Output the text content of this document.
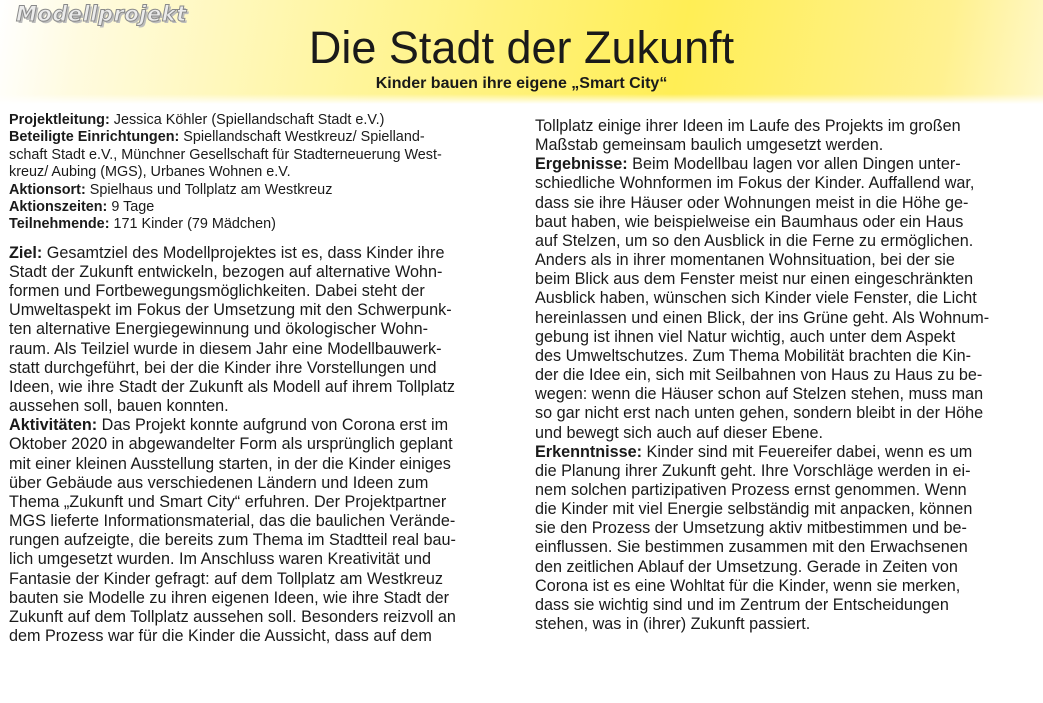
Modellprojekt
Die Stadt der Zukunft
Kinder bauen ihre eigene „Smart City“
Projektleitung: Jessica Köhler (Spiellandschaft Stadt e.V.)
Beteiligte Einrichtungen: Spiellandschaft Westkreuz/ Spielland-
schaft Stadt e.V., Münchner Gesellschaft für Stadterneuerung West-
kreuz/ Aubing (MGS), Urbanes Wohnen e.V.
Aktionsort: Spielhaus und Tollplatz am Westkreuz
Aktionszeiten: 9 Tage
Teilnehmende: 171 Kinder (79 Mädchen)
Ziel: Gesamtziel des Modellprojektes ist es, dass Kinder ihre
Stadt der Zukunft entwickeln, bezogen auf alternative Wohn-
formen und Fortbewegungsmöglichkeiten. Dabei steht der
Umweltaspekt im Fokus der Umsetzung mit den Schwerpunk-
ten alternative Energiegewinnung und ökologischer Wohn-
raum. Als Teilziel wurde in diesem Jahr eine Modellbauwerk-
statt durchgeführt, bei der die Kinder ihre Vorstellungen und
Ideen, wie ihre Stadt der Zukunft als Modell auf ihrem Tollplatz
aussehen soll, bauen konnten.
Aktivitäten: Das Projekt konnte aufgrund von Corona erst im
Oktober 2020 in abgewandelter Form als ursprünglich geplant
mit einer kleinen Ausstellung starten, in der die Kinder einiges
über Gebäude aus verschiedenen Ländern und Ideen zum
Thema „Zukunft und Smart City“ erfuhren. Der Projektpartner
MGS lieferte Informationsmaterial, das die baulichen Verände-
rungen aufzeigte, die bereits zum Thema im Stadtteil real bau-
lich umgesetzt wurden. Im Anschluss waren Kreativität und
Fantasie der Kinder gefragt: auf dem Tollplatz am Westkreuz
bauten sie Modelle zu ihren eigenen Ideen, wie ihre Stadt der
Zukunft auf dem Tollplatz aussehen soll. Besonders reizvoll an
dem Prozess war für die Kinder die Aussicht, dass auf dem
Tollplatz einige ihrer Ideen im Laufe des Projekts im großen
Maßstab gemeinsam baulich umgesetzt werden.
Ergebnisse: Beim Modellbau lagen vor allen Dingen unter-
schiedliche Wohnformen im Fokus der Kinder. Auffallend war,
dass sie ihre Häuser oder Wohnungen meist in die Höhe ge-
baut haben, wie beispielweise ein Baumhaus oder ein Haus
auf Stelzen, um so den Ausblick in die Ferne zu ermöglichen.
Anders als in ihrer momentanen Wohnsituation, bei der sie
beim Blick aus dem Fenster meist nur einen eingeschränkten
Ausblick haben, wünschen sich Kinder viele Fenster, die Licht
hereinlassen und einen Blick, der ins Grüne geht. Als Wohnum-
gebung ist ihnen viel Natur wichtig, auch unter dem Aspekt
des Umweltschutzes. Zum Thema Mobilität brachten die Kin-
der die Idee ein, sich mit Seilbahnen von Haus zu Haus zu be-
wegen: wenn die Häuser schon auf Stelzen stehen, muss man
so gar nicht erst nach unten gehen, sondern bleibt in der Höhe
und bewegt sich auch auf dieser Ebene.
Erkenntnisse: Kinder sind mit Feuereifer dabei, wenn es um
die Planung ihrer Zukunft geht. Ihre Vorschläge werden in ei-
nem solchen partizipativen Prozess ernst genommen. Wenn
die Kinder mit viel Energie selbständig mit anpacken, können
sie den Prozess der Umsetzung aktiv mitbestimmen und be-
einflussen. Sie bestimmen zusammen mit den Erwachsenen
den zeitlichen Ablauf der Umsetzung. Gerade in Zeiten von
Corona ist es eine Wohltat für die Kinder, wenn sie merken,
dass sie wichtig sind und im Zentrum der Entscheidungen
stehen, was in (ihrer) Zukunft passiert.
